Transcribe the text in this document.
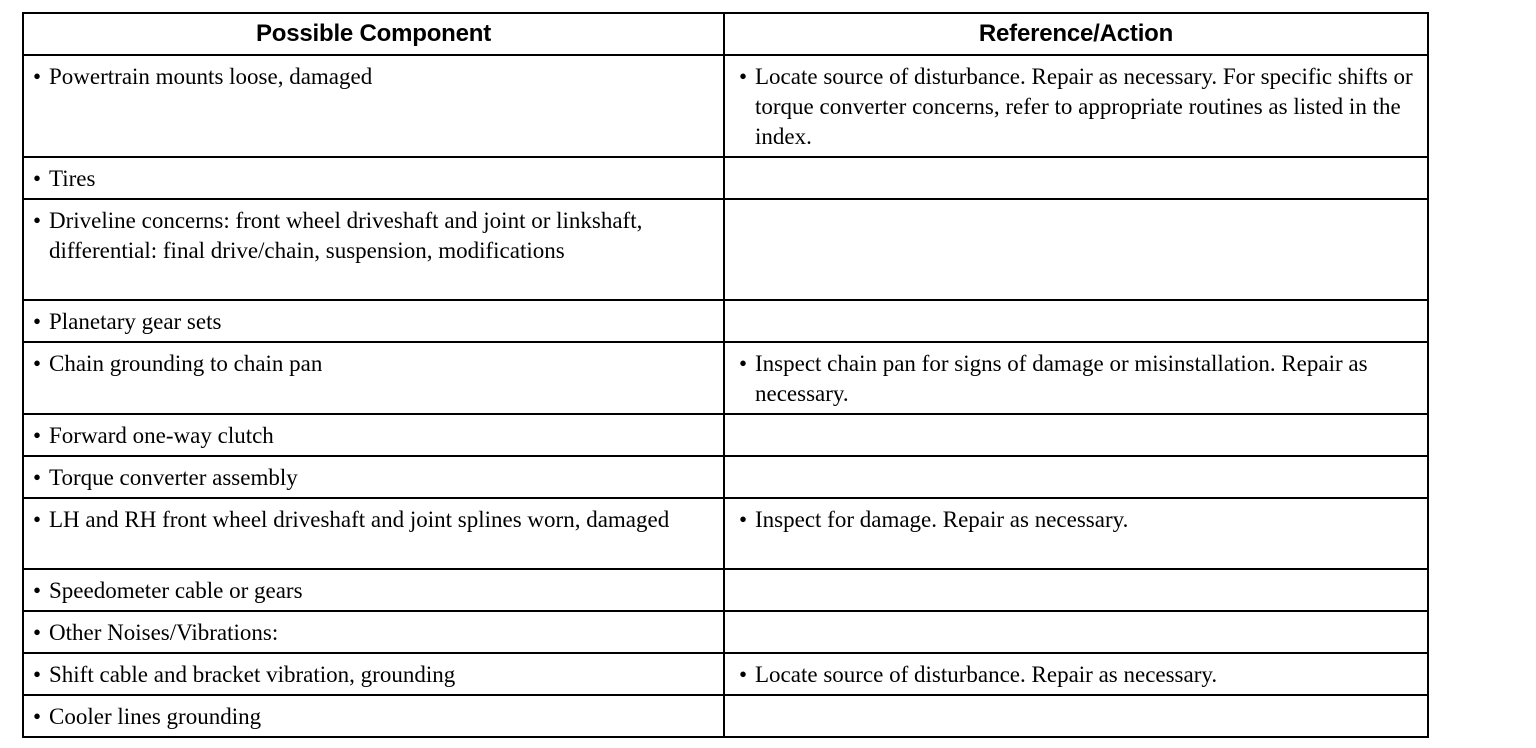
Possible Component	Reference/Action

• Powertrain mounts loose, damaged	• Locate source of disturbance. Repair as necessary. For specific shifts or torque converter concerns, refer to appropriate routines as listed in the index.

• Tires	

• Driveline concerns: front wheel driveshaft and joint or linkshaft, differential: final drive/chain, suspension, modifications	

• Planetary gear sets	

• Chain grounding to chain pan	• Inspect chain pan for signs of damage or misinstallation. Repair as necessary.

• Forward one-way clutch	

• Torque converter assembly	

• LH and RH front wheel driveshaft and joint splines worn, damaged	• Inspect for damage. Repair as necessary.

• Speedometer cable or gears	

• Other Noises/Vibrations:	

• Shift cable and bracket vibration, grounding	• Locate source of disturbance. Repair as necessary.

• Cooler lines grounding	
